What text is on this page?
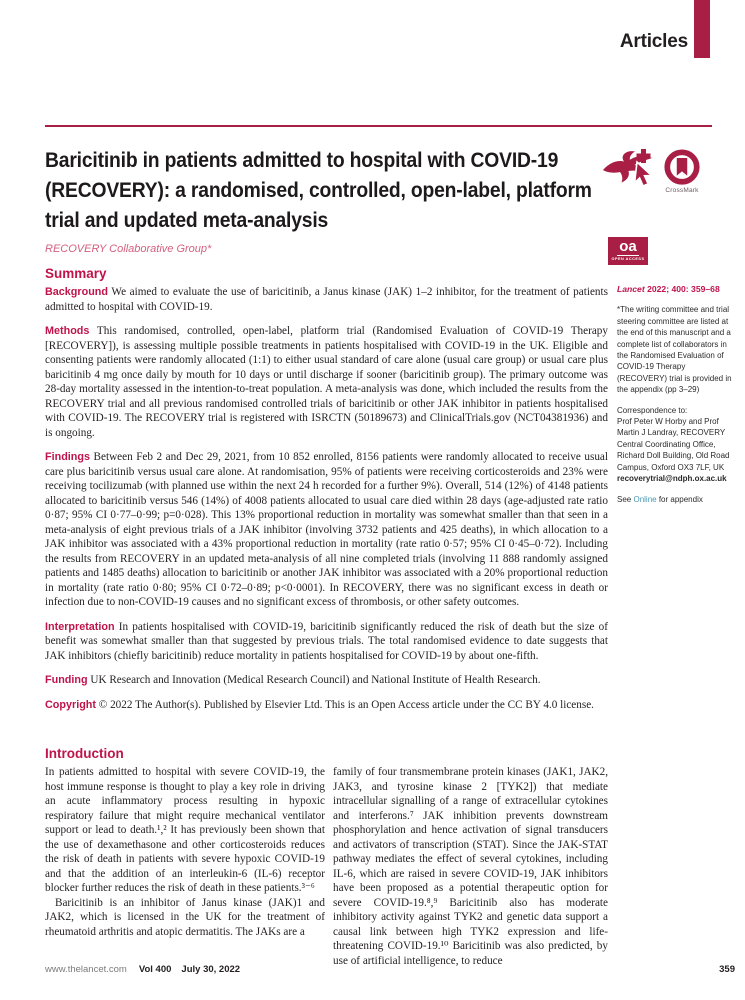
Articles
Baricitinib in patients admitted to hospital with COVID-19
(RECOVERY): a randomised, controlled, open-label, platform
trial and updated meta-analysis
CrossMark
RECOVERY Collaborative Group*	oa
OPEN ACCESS
Summary

Background We aimed to evaluate the use of baricitinib, a Janus kinase (JAK) 1–2 inhibitor, for the treatment of patients admitted to hospital with COVID-19.

Methods This randomised, controlled, open-label, platform trial (Randomised Evaluation of COVID-19 Therapy [RECOVERY]), is assessing multiple possible treatments in patients hospitalised with COVID-19 in the UK. Eligible and consenting patients were randomly allocated (1:1) to either usual standard of care alone (usual care group) or usual care plus baricitinib 4 mg once daily by mouth for 10 days or until discharge if sooner (baricitinib group). The primary outcome was 28-day mortality assessed in the intention-to-treat population. A meta-analysis was done, which included the results from the RECOVERY trial and all previous randomised controlled trials of baricitinib or other JAK inhibitor in patients hospitalised with COVID-19. The RECOVERY trial is registered with ISRCTN (50189673) and ClinicalTrials.gov (NCT04381936) and is ongoing.

Findings Between Feb 2 and Dec 29, 2021, from 10 852 enrolled, 8156 patients were randomly allocated to receive usual care plus baricitinib versus usual care alone. At randomisation, 95% of patients were receiving corticosteroids and 23% were receiving tocilizumab (with planned use within the next 24 h recorded for a further 9%). Overall, 514 (12%) of 4148 patients allocated to baricitinib versus 546 (14%) of 4008 patients allocated to usual care died within 28 days (age-adjusted rate ratio 0·87; 95% CI 0·77–0·99; p=0·028). This 13% proportional reduction in mortality was somewhat smaller than that seen in a meta-analysis of eight previous trials of a JAK inhibitor (involving 3732 patients and 425 deaths), in which allocation to a JAK inhibitor was associated with a 43% proportional reduction in mortality (rate ratio 0·57; 95% CI 0·45–0·72). Including the results from RECOVERY in an updated meta-analysis of all nine completed trials (involving 11 888 randomly assigned patients and 1485 deaths) allocation to baricitinib or another JAK inhibitor was associated with a 20% proportional reduction in mortality (rate ratio 0·80; 95% CI 0·72–0·89; p<0·0001). In RECOVERY, there was no significant excess in death or infection due to non-COVID-19 causes and no significant excess of thrombosis, or other safety outcomes.

Interpretation In patients hospitalised with COVID-19, baricitinib significantly reduced the risk of death but the size of benefit was somewhat smaller than that suggested by previous trials. The total randomised evidence to date suggests that JAK inhibitors (chiefly baricitinib) reduce mortality in patients hospitalised for COVID-19 by about one-fifth.

Funding UK Research and Innovation (Medical Research Council) and National Institute of Health Research.

Copyright © 2022 The Author(s). Published by Elsevier Ltd. This is an Open Access article under the CC BY 4.0 license.

Introduction

In patients admitted to hospital with severe COVID-19, the host immune response is thought to play a key role in driving an acute inflammatory process resulting in hypoxic respiratory failure that might require mechanical ventilator support or lead to death.¹,² It has previously been shown that the use of dexamethasone and other corticosteroids reduces the risk of death in patients with severe hypoxic COVID-19 and that the addition of an interleukin-6 (IL-6) receptor blocker further reduces the risk of death in these patients.³⁻⁶

Baricitinib is an inhibitor of Janus kinase (JAK)1 and JAK2, which is licensed in the UK for the treatment of rheumatoid arthritis and atopic dermatitis. The JAKs are a

family of four transmembrane protein kinases (JAK1, JAK2, JAK3, and tyrosine kinase 2 [TYK2]) that mediate intracellular signalling of a range of extracellular cytokines and interferons.⁷ JAK inhibition prevents downstream phosphorylation and hence activation of signal transducers and activators of transcription (STAT). Since the JAK-STAT pathway mediates the effect of several cytokines, including IL-6, which are raised in severe COVID-19, JAK inhibitors have been proposed as a potential therapeutic option for severe COVID-19.⁸,⁹ Baricitinib also has moderate inhibitory activity against TYK2 and genetic data support a causal link between high TYK2 expression and life-threatening COVID-19.¹⁰ Baricitinib was also predicted, by use of artificial intelligence, to reduce

Lancet 2022; 400: 359–68
*The writing committee and trial steering committee are listed at the end of this manuscript and a complete list of collaborators in the Randomised Evaluation of COVID-19 Therapy (RECOVERY) trial is provided in the appendix (pp 3–29)
Correspondence to:
Prof Peter W Horby and Prof Martin J Landray, RECOVERY Central Coordinating Office, Richard Doll Building, Old Road Campus, Oxford OX3 7LF, UK
recoverytrial@ndph.ox.ac.uk
See Online for appendix
www.thelancet.com Vol 400 July 30, 2022	359
